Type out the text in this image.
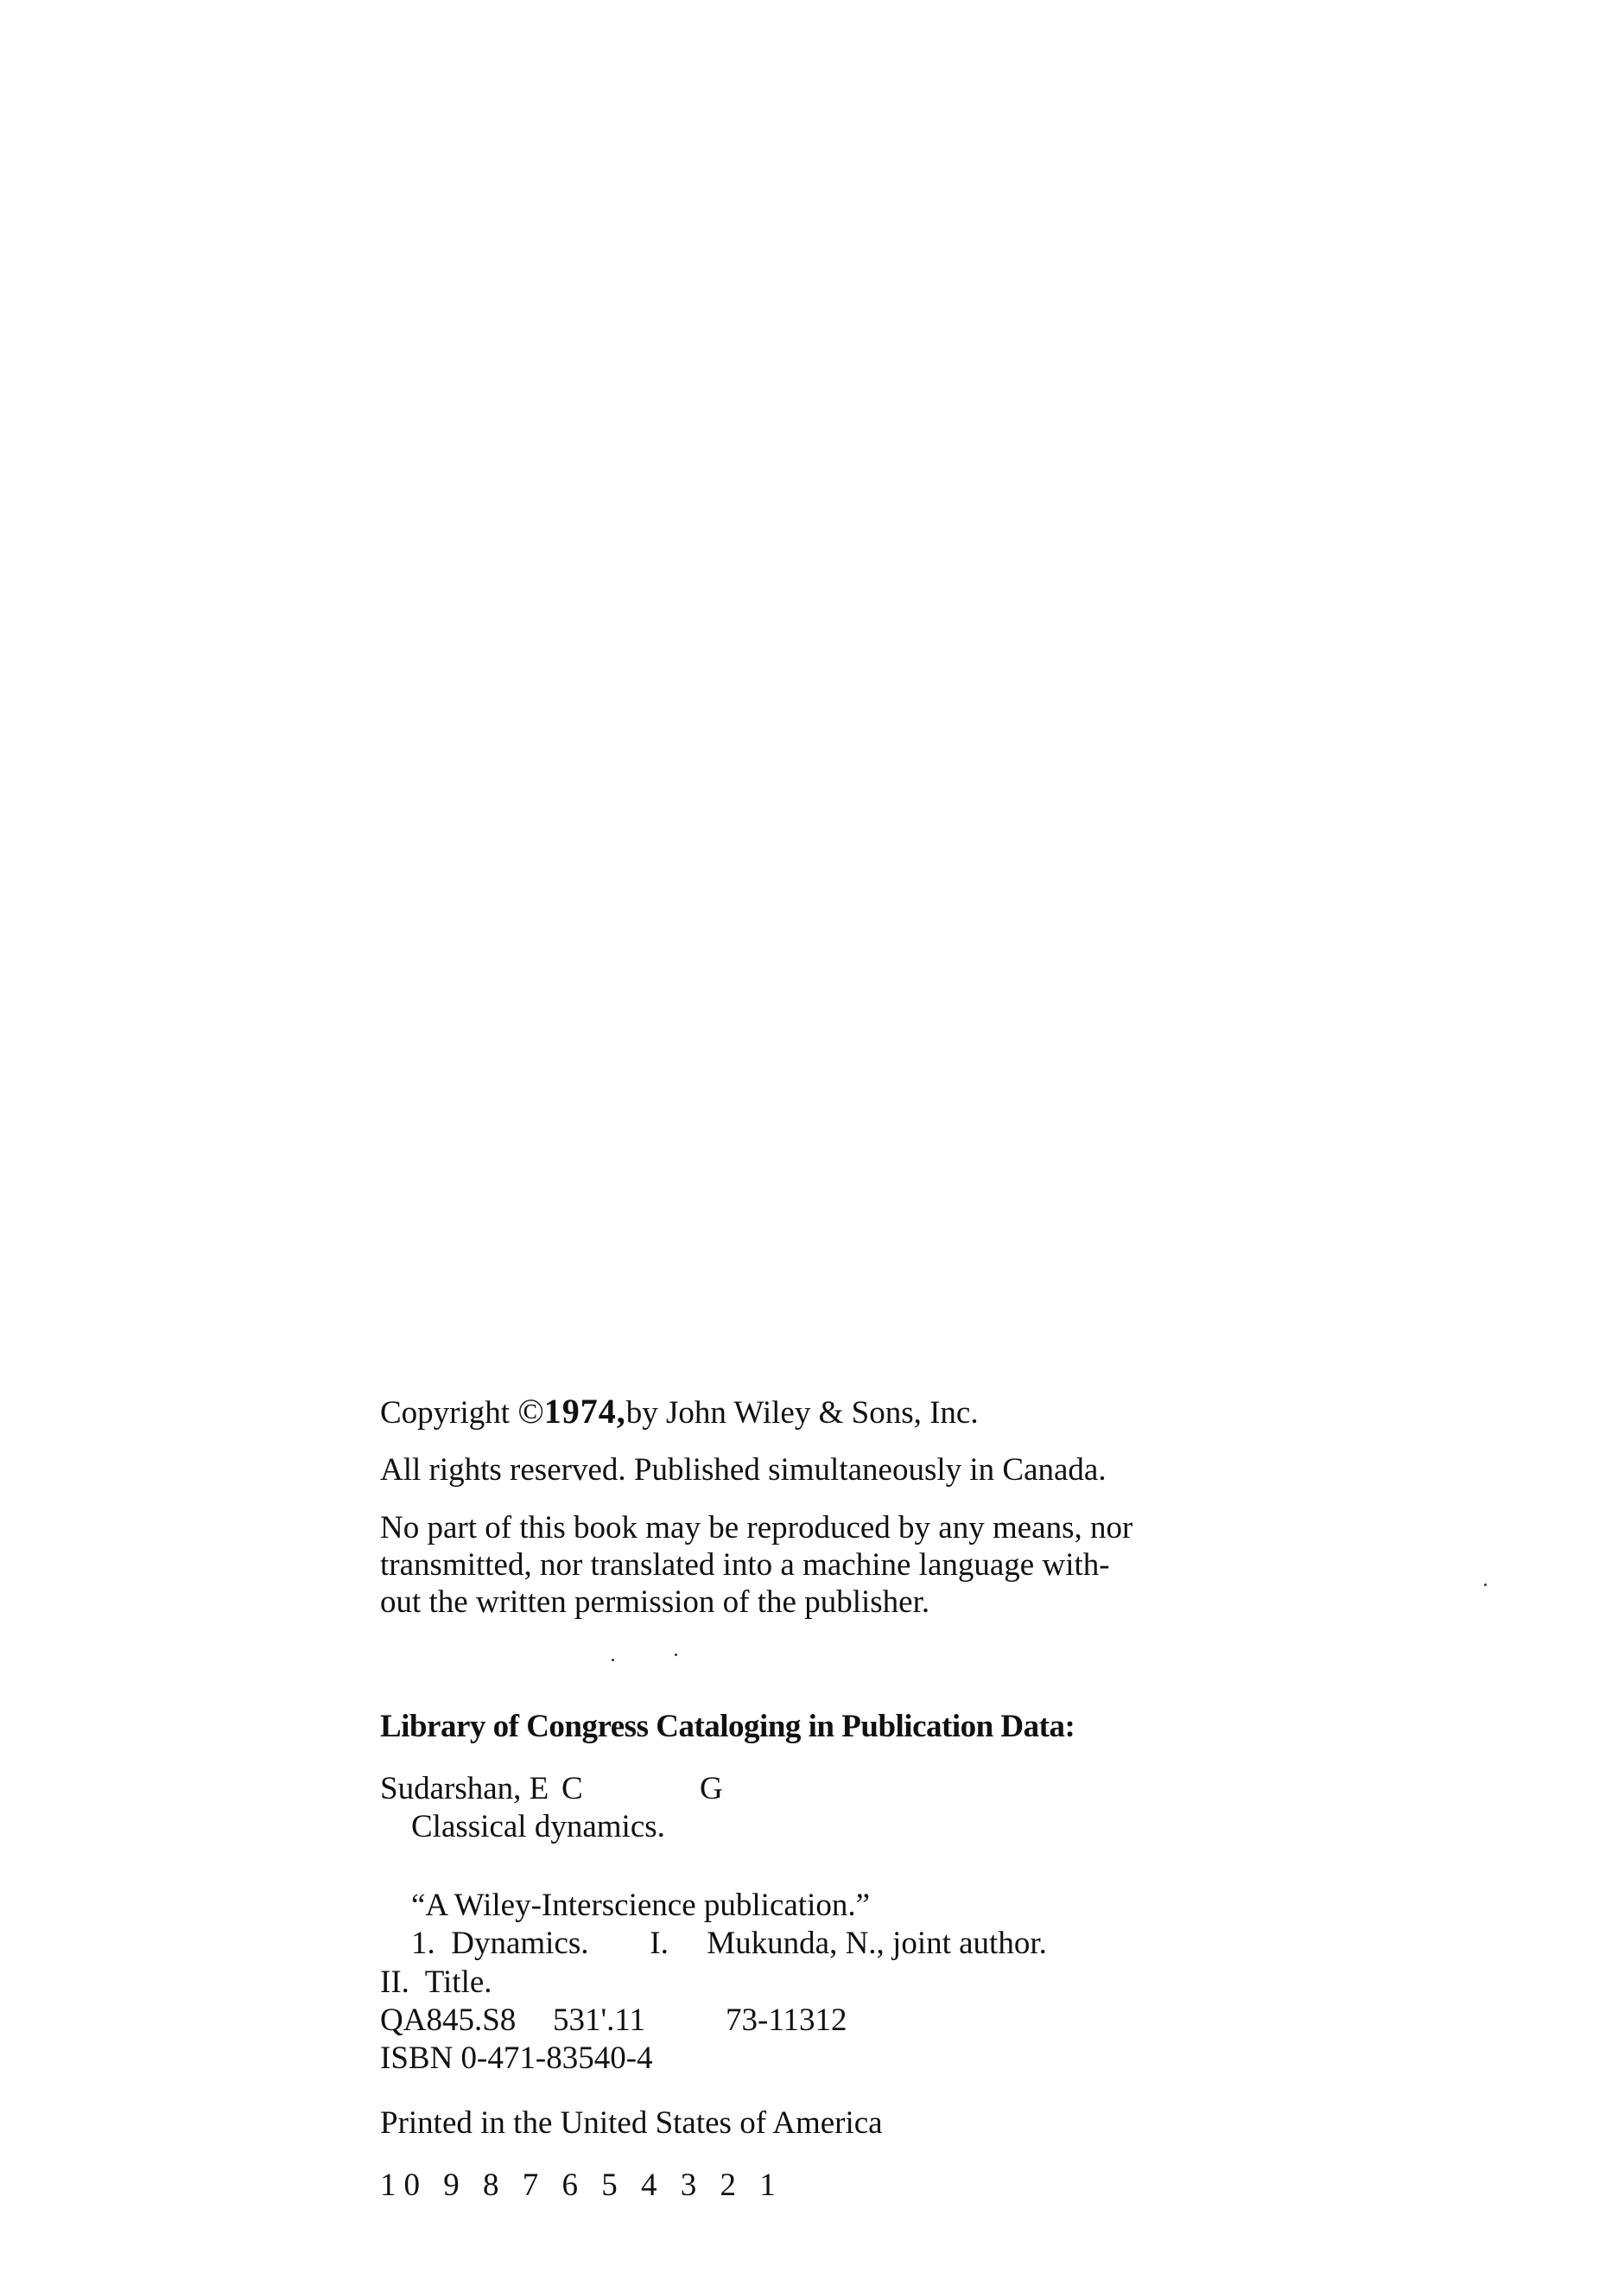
Copyright ©1974,by John Wiley & Sons, Inc.
All rights reserved. Published simultaneously in Canada.
No part of this book may be reproduced by any means, nor
transmitted, nor translated into a machine language with-
out the written permission of the publisher.
Library of Congress Cataloging in Publication Data:
Sudarshan, E C	G
Classical dynamics.
“A Wiley-Interscience publication.”
1. Dynamics. I. Mukunda, N., joint author.
II.  Title.
QA845.S8 531'.11	73-11312
ISBN 0-471-83540-4
Printed in the United States of America
10 9 8 7 6 5 4 3 2 1
